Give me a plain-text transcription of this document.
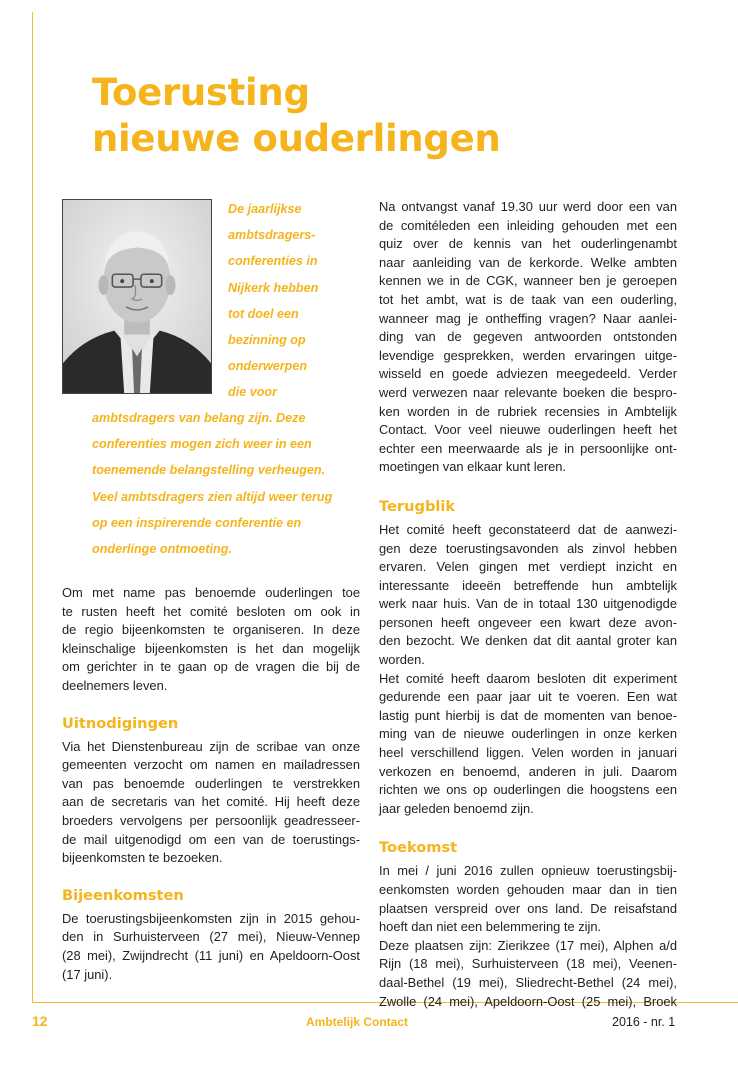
Toerusting
nieuwe ouderlingen
De jaarlijkse
ambtsdragers-
conferenties in
Nijkerk hebben
tot doel een
bezinning op
onderwerpen
die voor
ambtsdragers van belang zijn. Deze
conferenties mogen zich weer in een
toenemende belangstelling verheugen.
Veel ambtsdragers zien altijd weer terug
op een inspirerende conferentie en
onderlinge ontmoeting.

Om met name pas benoemde ouderlingen toe
te rusten heeft het comité besloten om ook in
de regio bijeenkomsten te organiseren. In deze
kleinschalige bijeenkomsten is het dan mogelijk
om gerichter in te gaan op de vragen die bij de
deelnemers leven.

Uitnodigingen

Via het Dienstenbureau zijn de scribae van onze
gemeenten verzocht om namen en mailadressen
van pas benoemde ouderlingen te verstrekken
aan de secretaris van het comité. Hij heeft deze
broeders vervolgens per persoonlijk geadresseer-
de mail uitgenodigd om een van de toerustings-
bijeenkomsten te bezoeken.

Bijeenkomsten

De toerustingsbijeenkomsten zijn in 2015 gehou-
den in Surhuisterveen (27 mei), Nieuw-Vennep
(28 mei), Zwijndrecht (11 juni) en Apeldoorn-Oost
(17 juni).

Na ontvangst vanaf 19.30 uur werd door een van
de comitéleden een inleiding gehouden met een
quiz over de kennis van het ouderlingenambt
naar aanleiding van de kerkorde. Welke ambten
kennen we in de CGK, wanneer ben je geroepen
tot het ambt, wat is de taak van een ouderling,
wanneer mag je ontheffing vragen? Naar aanlei-
ding van de gegeven antwoorden ontstonden
levendige gesprekken, werden ervaringen uitge-
wisseld en goede adviezen meegedeeld. Verder
werd verwezen naar relevante boeken die bespro-
ken worden in de rubriek recensies in Ambtelijk
Contact. Voor veel nieuwe ouderlingen heeft het
echter een meerwaarde als je in persoonlijke ont-
moetingen van elkaar kunt leren.

Terugblik

Het comité heeft geconstateerd dat de aanwezi-
gen deze toerustingsavonden als zinvol hebben
ervaren. Velen gingen met verdiept inzicht en
interessante ideeën betreffende hun ambtelijk
werk naar huis. Van de in totaal 130 uitgenodigde
personen heeft ongeveer een kwart deze avon-
den bezocht. We denken dat dit aantal groter kan
worden.

Het comité heeft daarom besloten dit experiment
gedurende een paar jaar uit te voeren. Een wat
lastig punt hierbij is dat de momenten van benoe-
ming van de nieuwe ouderlingen in onze kerken
heel verschillend liggen. Velen worden in januari
verkozen en benoemd, anderen in juli. Daarom
richten we ons op ouderlingen die hoogstens een
jaar geleden benoemd zijn.

Toekomst

In mei / juni 2016 zullen opnieuw toerustingsbij-
eenkomsten worden gehouden maar dan in tien
plaatsen verspreid over ons land. De reisafstand
hoeft dan niet een belemmering te zijn.

Deze plaatsen zijn: Zierikzee (17 mei), Alphen a/d
Rijn (18 mei), Surhuisterveen (18 mei), Veenen-
daal-Bethel (19 mei), Sliedrecht-Bethel (24 mei),
Zwolle (24 mei), Apeldoorn-Oost (25 mei), Broek

12	Ambtelijk Contact	2016 - nr. 1
